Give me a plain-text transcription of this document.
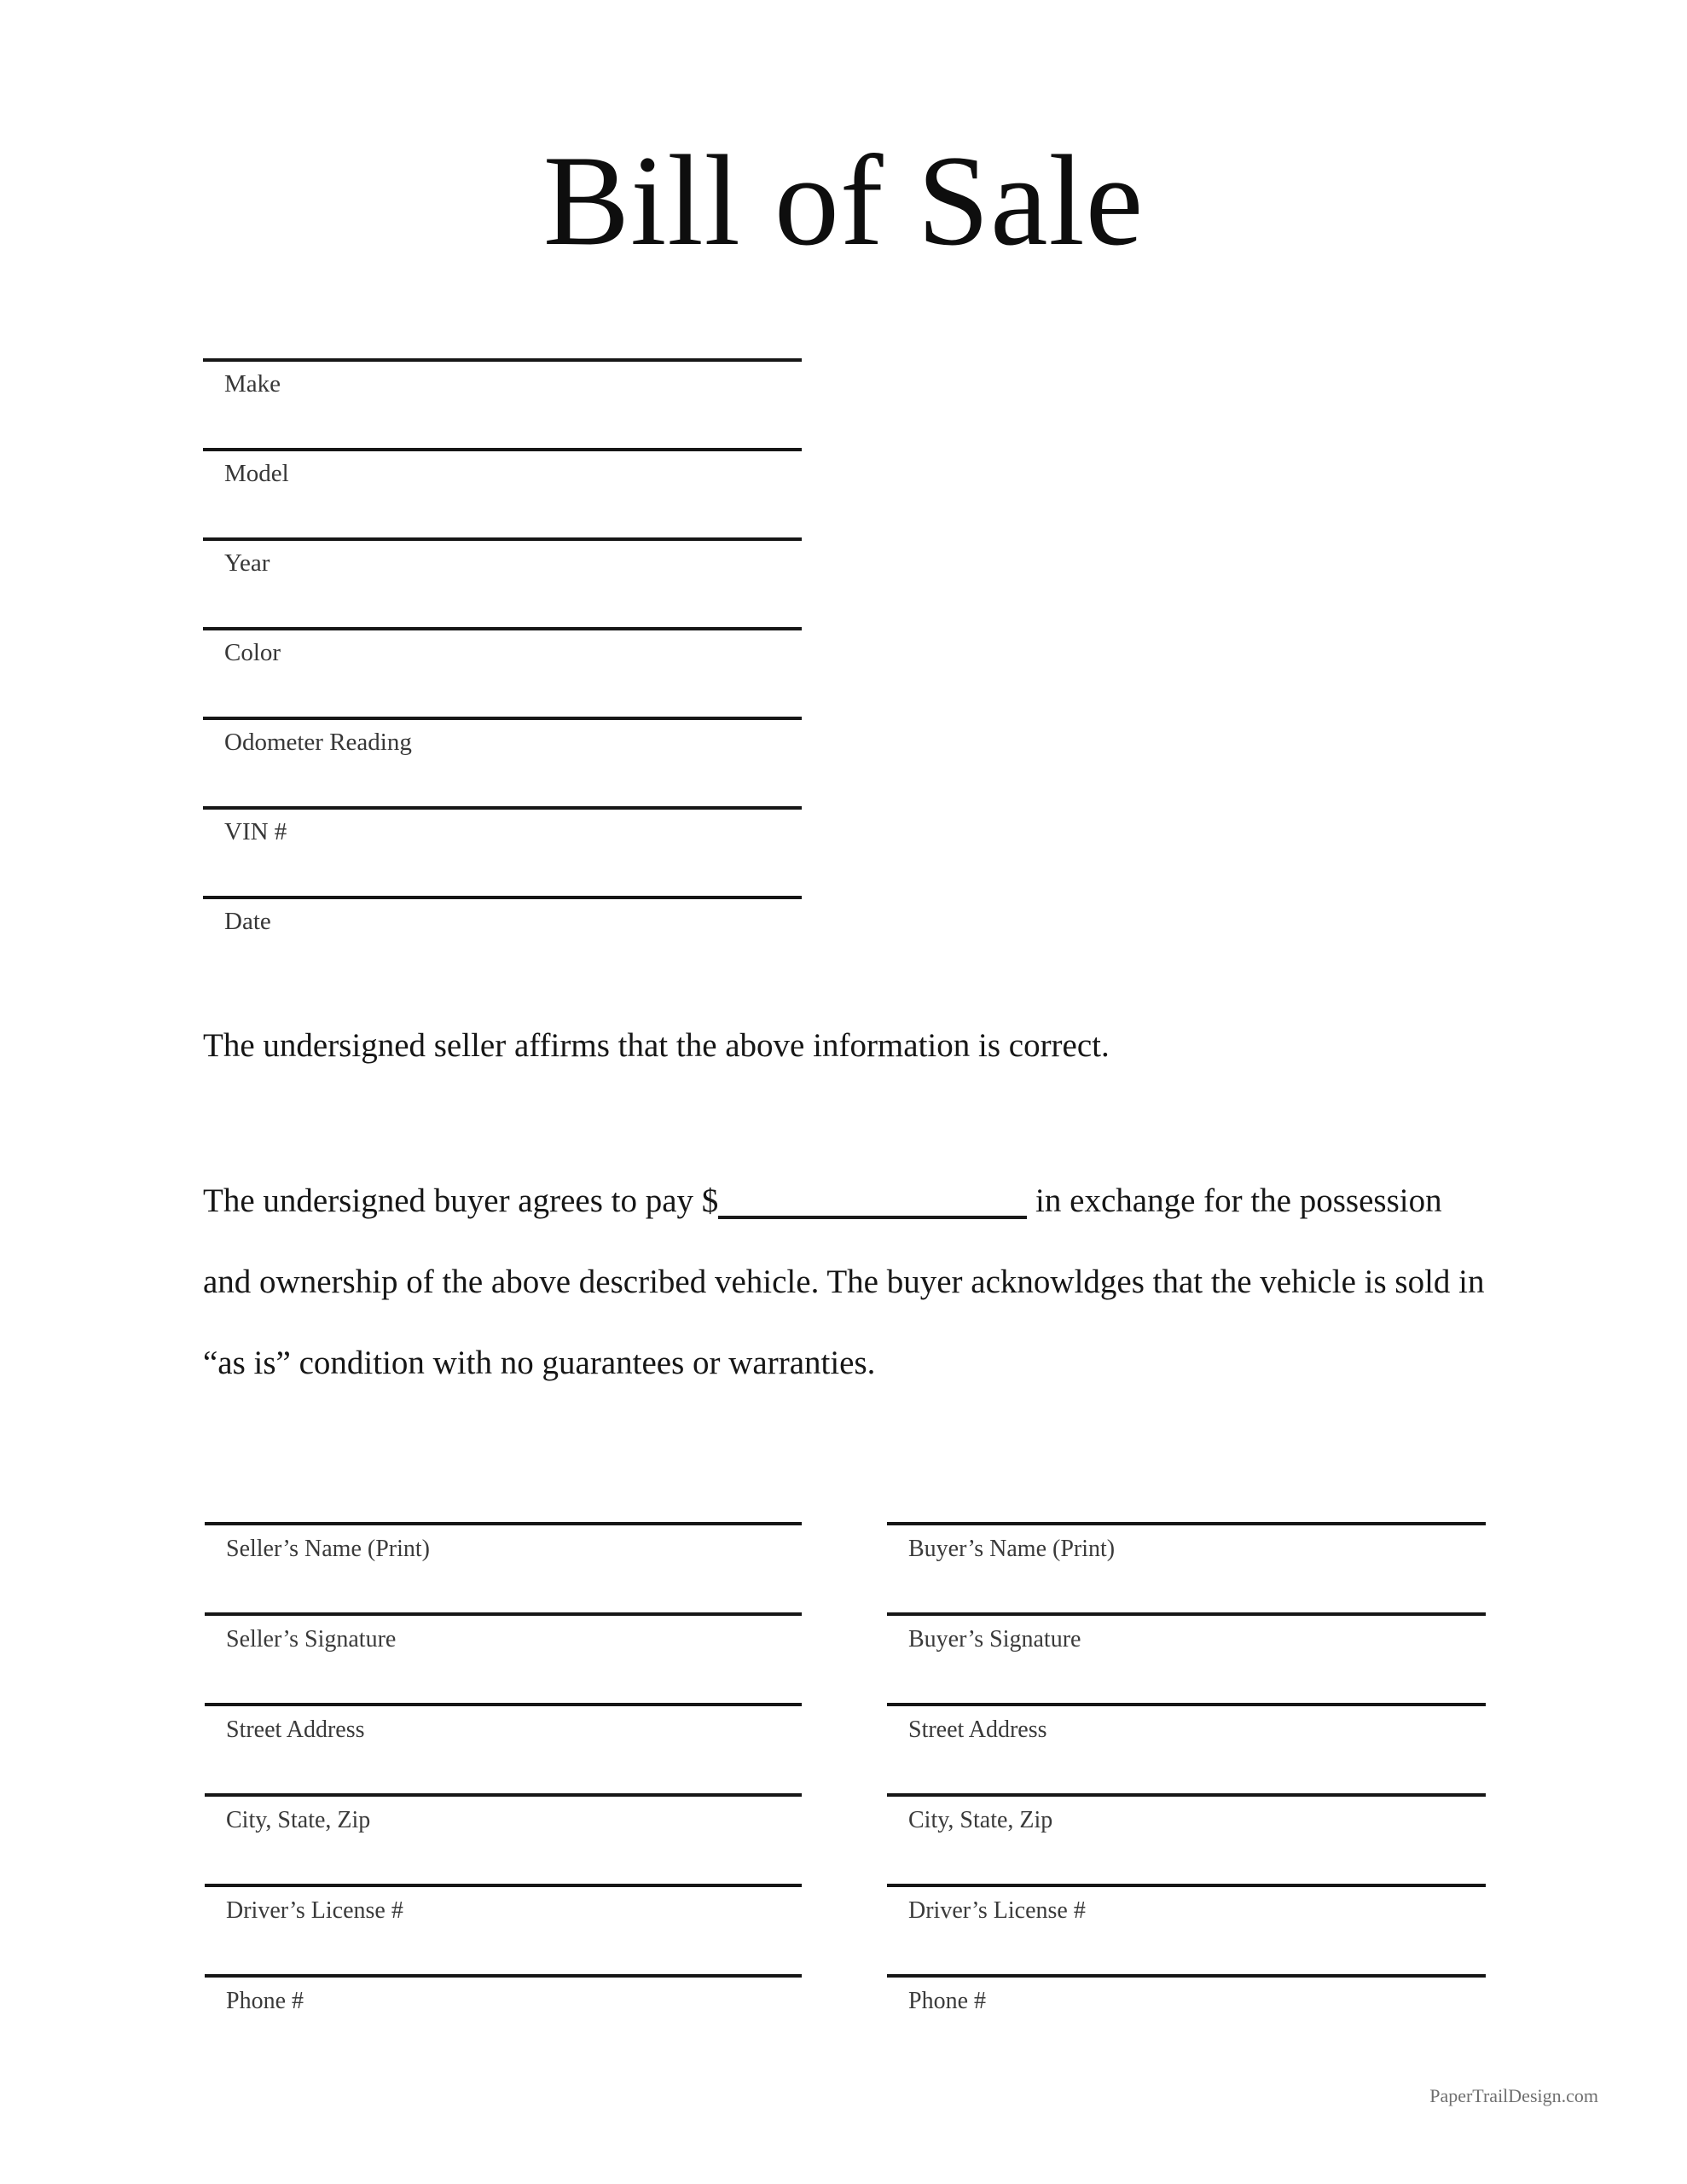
Bill of Sale
Make
Model
Year
Color
Odometer Reading
VIN #
Date

The undersigned seller affirms that the above information is correct.

The undersigned buyer agrees to pay $	in exchange for the possession

and ownership of the above described vehicle. The buyer acknowldges that the vehicle is sold in

“as is” condition with no guarantees or warranties.

Seller’s Name (Print)
Seller’s Signature
Street Address
City, State, Zip
Driver’s License #
Phone #
Buyer’s Name (Print)
Buyer’s Signature
Street Address
City, State, Zip
Driver’s License #
Phone #
PaperTrailDesign.com
